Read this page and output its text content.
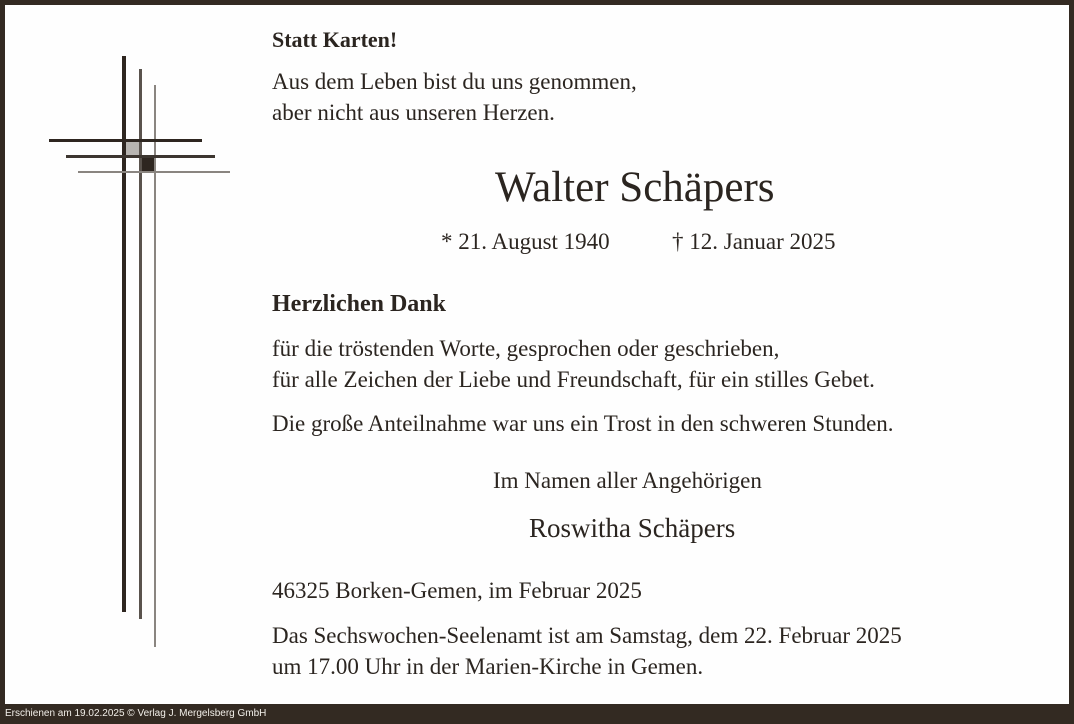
Statt Karten!
Aus dem Leben bist du uns genommen,
aber nicht aus unseren Herzen.
Walter Schäpers
* 21. August 1940	† 12. Januar 2025
Herzlichen Dank
für die tröstenden Worte, gesprochen oder geschrieben,
für alle Zeichen der Liebe und Freundschaft, für ein stilles Gebet.
Die große Anteilnahme war uns ein Trost in den schweren Stunden.
Im Namen aller Angehörigen
Roswitha Schäpers
46325 Borken-Gemen, im Februar 2025
Das Sechswochen-Seelenamt ist am Samstag, dem 22. Februar 2025
um 17.00 Uhr in der Marien-Kirche in Gemen.
Erschienen am 19.02.2025 © Verlag J. Mergelsberg GmbH
